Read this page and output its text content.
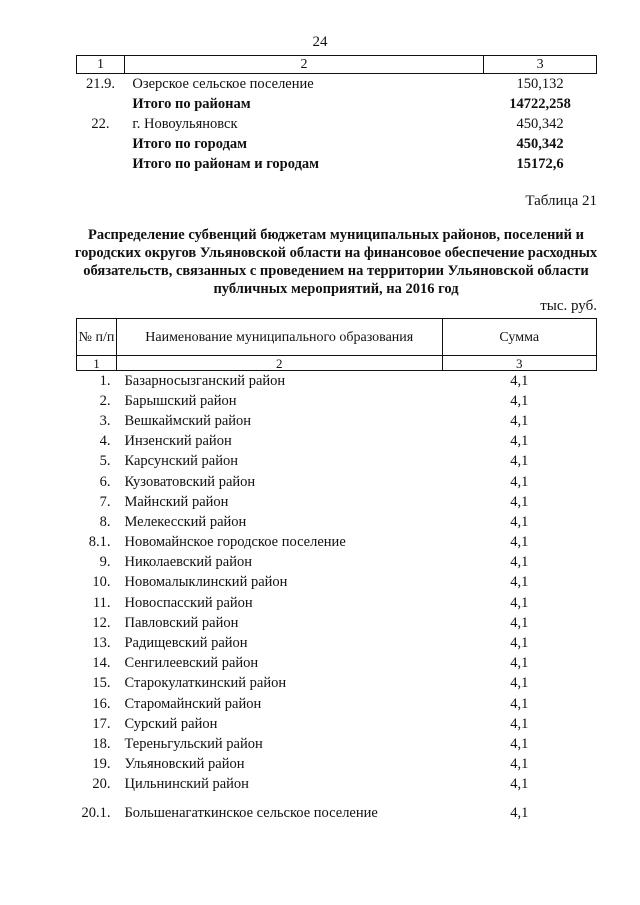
24
1	2	3
21.9.	Озерское сельское поселение	150,132
	Итого по районам	14722,258
22.	г. Новоульяновск	450,342
	Итого по городам	450,342
	Итого по районам и городам	15172,6
Таблица 21
Распределение субвенций бюджетам муниципальных районов, поселений и городских округов Ульяновской области на финансовое обеспечение расходных обязательств, связанных с проведением на территории Ульяновской области публичных мероприятий, на 2016 год
тыс. руб.
№ п/п	Наименование муниципального образования	Сумма
1	2	3
1.	Базарносызганский район	4,1
2.	Барышский район	4,1
3.	Вешкаймский район	4,1
4.	Инзенский район	4,1
5.	Карсунский район	4,1
6.	Кузоватовский район	4,1
7.	Майнский район	4,1
8.	Мелекесский район	4,1
8.1.	Новомайнское городское поселение	4,1
9.	Николаевский район	4,1
10.	Новомалыклинский район	4,1
11.	Новоспасский район	4,1
12.	Павловский район	4,1
13.	Радищевский район	4,1
14.	Сенгилеевский район	4,1
15.	Старокулаткинский район	4,1
16.	Старомайнский район	4,1
17.	Сурский район	4,1
18.	Тереньгульский район	4,1
19.	Ульяновский район	4,1
20.	Цильнинский район	4,1
20.1.	Большенагаткинское сельское поселение	4,1
